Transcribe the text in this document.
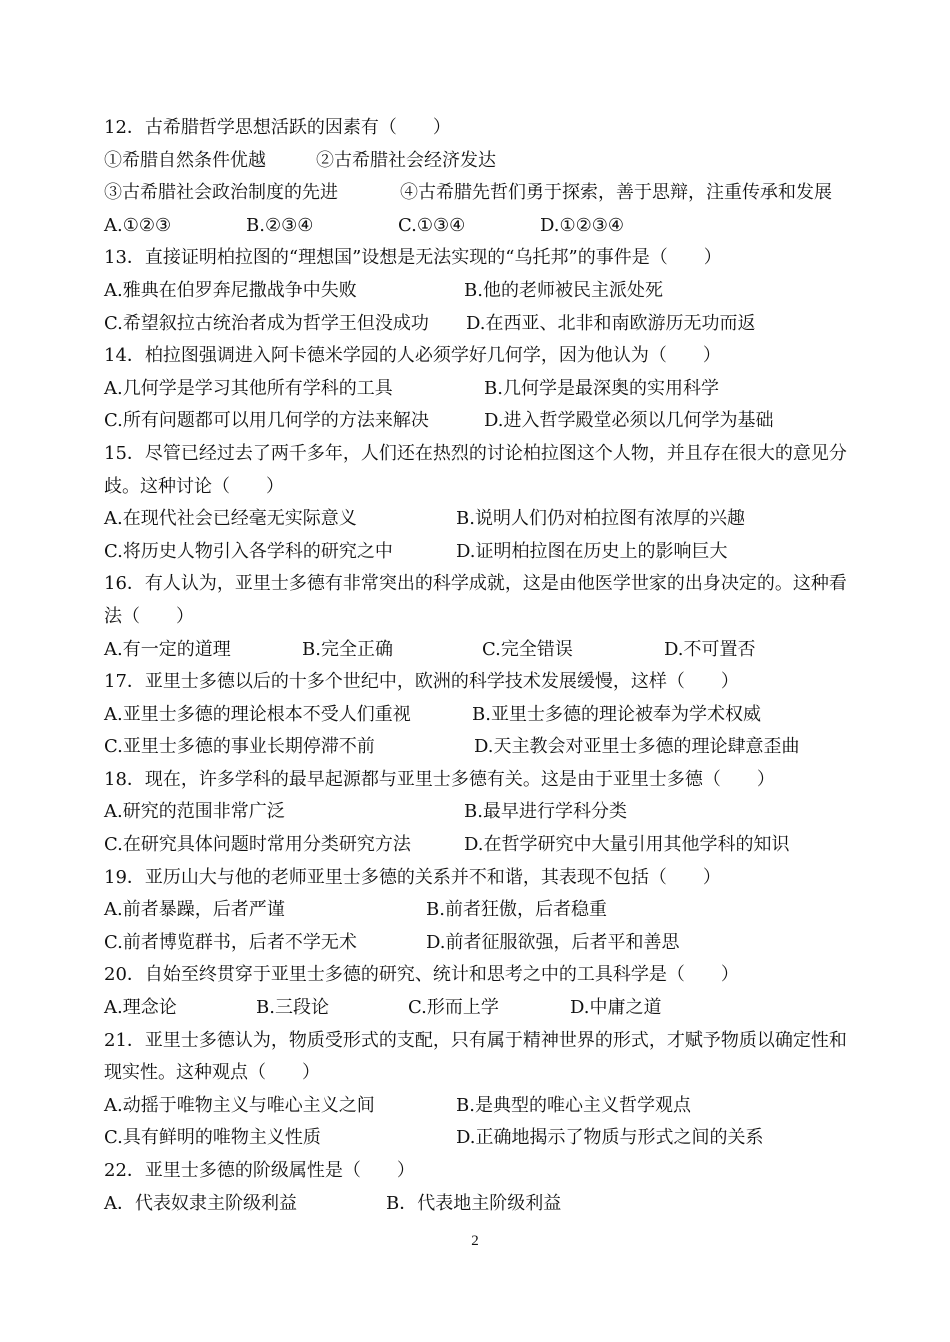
12．古希腊哲学思想活跃的因素有（　　）
①希腊自然条件优越	②古希腊社会经济发达
③古希腊社会政治制度的先进	④古希腊先哲们勇于探索，善于思辩，注重传承和发展
A.①②③	B.②③④	C.①③④	D.①②③④
13．直接证明柏拉图的“理想国”设想是无法实现的“乌托邦”的事件是（　　）
A.雅典在伯罗奔尼撒战争中失败	B.他的老师被民主派处死
C.希望叙拉古统治者成为哲学王但没成功 D.在西亚、北非和南欧游历无功而返
14．柏拉图强调进入阿卡德米学园的人必须学好几何学，因为他认为（　　）
A.几何学是学习其他所有学科的工具	B.几何学是最深奥的实用科学
C.所有问题都可以用几何学的方法来解决	D.进入哲学殿堂必须以几何学为基础
15．尽管已经过去了两千多年，人们还在热烈的讨论柏拉图这个人物，并且存在很大的意见分歧。这种讨论（　　）
A.在现代社会已经毫无实际意义	B.说明人们仍对柏拉图有浓厚的兴趣
C.将历史人物引入各学科的研究之中	D.证明柏拉图在历史上的影响巨大
16．有人认为，亚里士多德有非常突出的科学成就，这是由他医学世家的出身决定的。这种看法（　　）
A.有一定的道理	B.完全正确	C.完全错误	D.不可置否
17．亚里士多德以后的十多个世纪中，欧洲的科学技术发展缓慢，这样（　　）
A.亚里士多德的理论根本不受人们重视	B.亚里士多德的理论被奉为学术权威
C.亚里士多德的事业长期停滞不前	D.天主教会对亚里士多德的理论肆意歪曲
18．现在，许多学科的最早起源都与亚里士多德有关。这是由于亚里士多德（　　）
A.研究的范围非常广泛	B.最早进行学科分类
C.在研究具体问题时常用分类研究方法	D.在哲学研究中大量引用其他学科的知识
19．亚历山大与他的老师亚里士多德的关系并不和谐，其表现不包括（　　）
A.前者暴躁，后者严谨	B.前者狂傲，后者稳重
C.前者博览群书，后者不学无术	D.前者征服欲强，后者平和善思
20．自始至终贯穿于亚里士多德的研究、统计和思考之中的工具科学是（　　）
A.理念论	B.三段论	C.形而上学	D.中庸之道
21．亚里士多德认为，物质受形式的支配，只有属于精神世界的形式，才赋予物质以确定性和现实性。这种观点（　　）
A.动摇于唯物主义与唯心主义之间	B.是典型的唯心主义哲学观点
C.具有鲜明的唯物主义性质	D.正确地揭示了物质与形式之间的关系
22．亚里士多德的阶级属性是（　　）
A．代表奴隶主阶级利益	B．代表地主阶级利益
2
